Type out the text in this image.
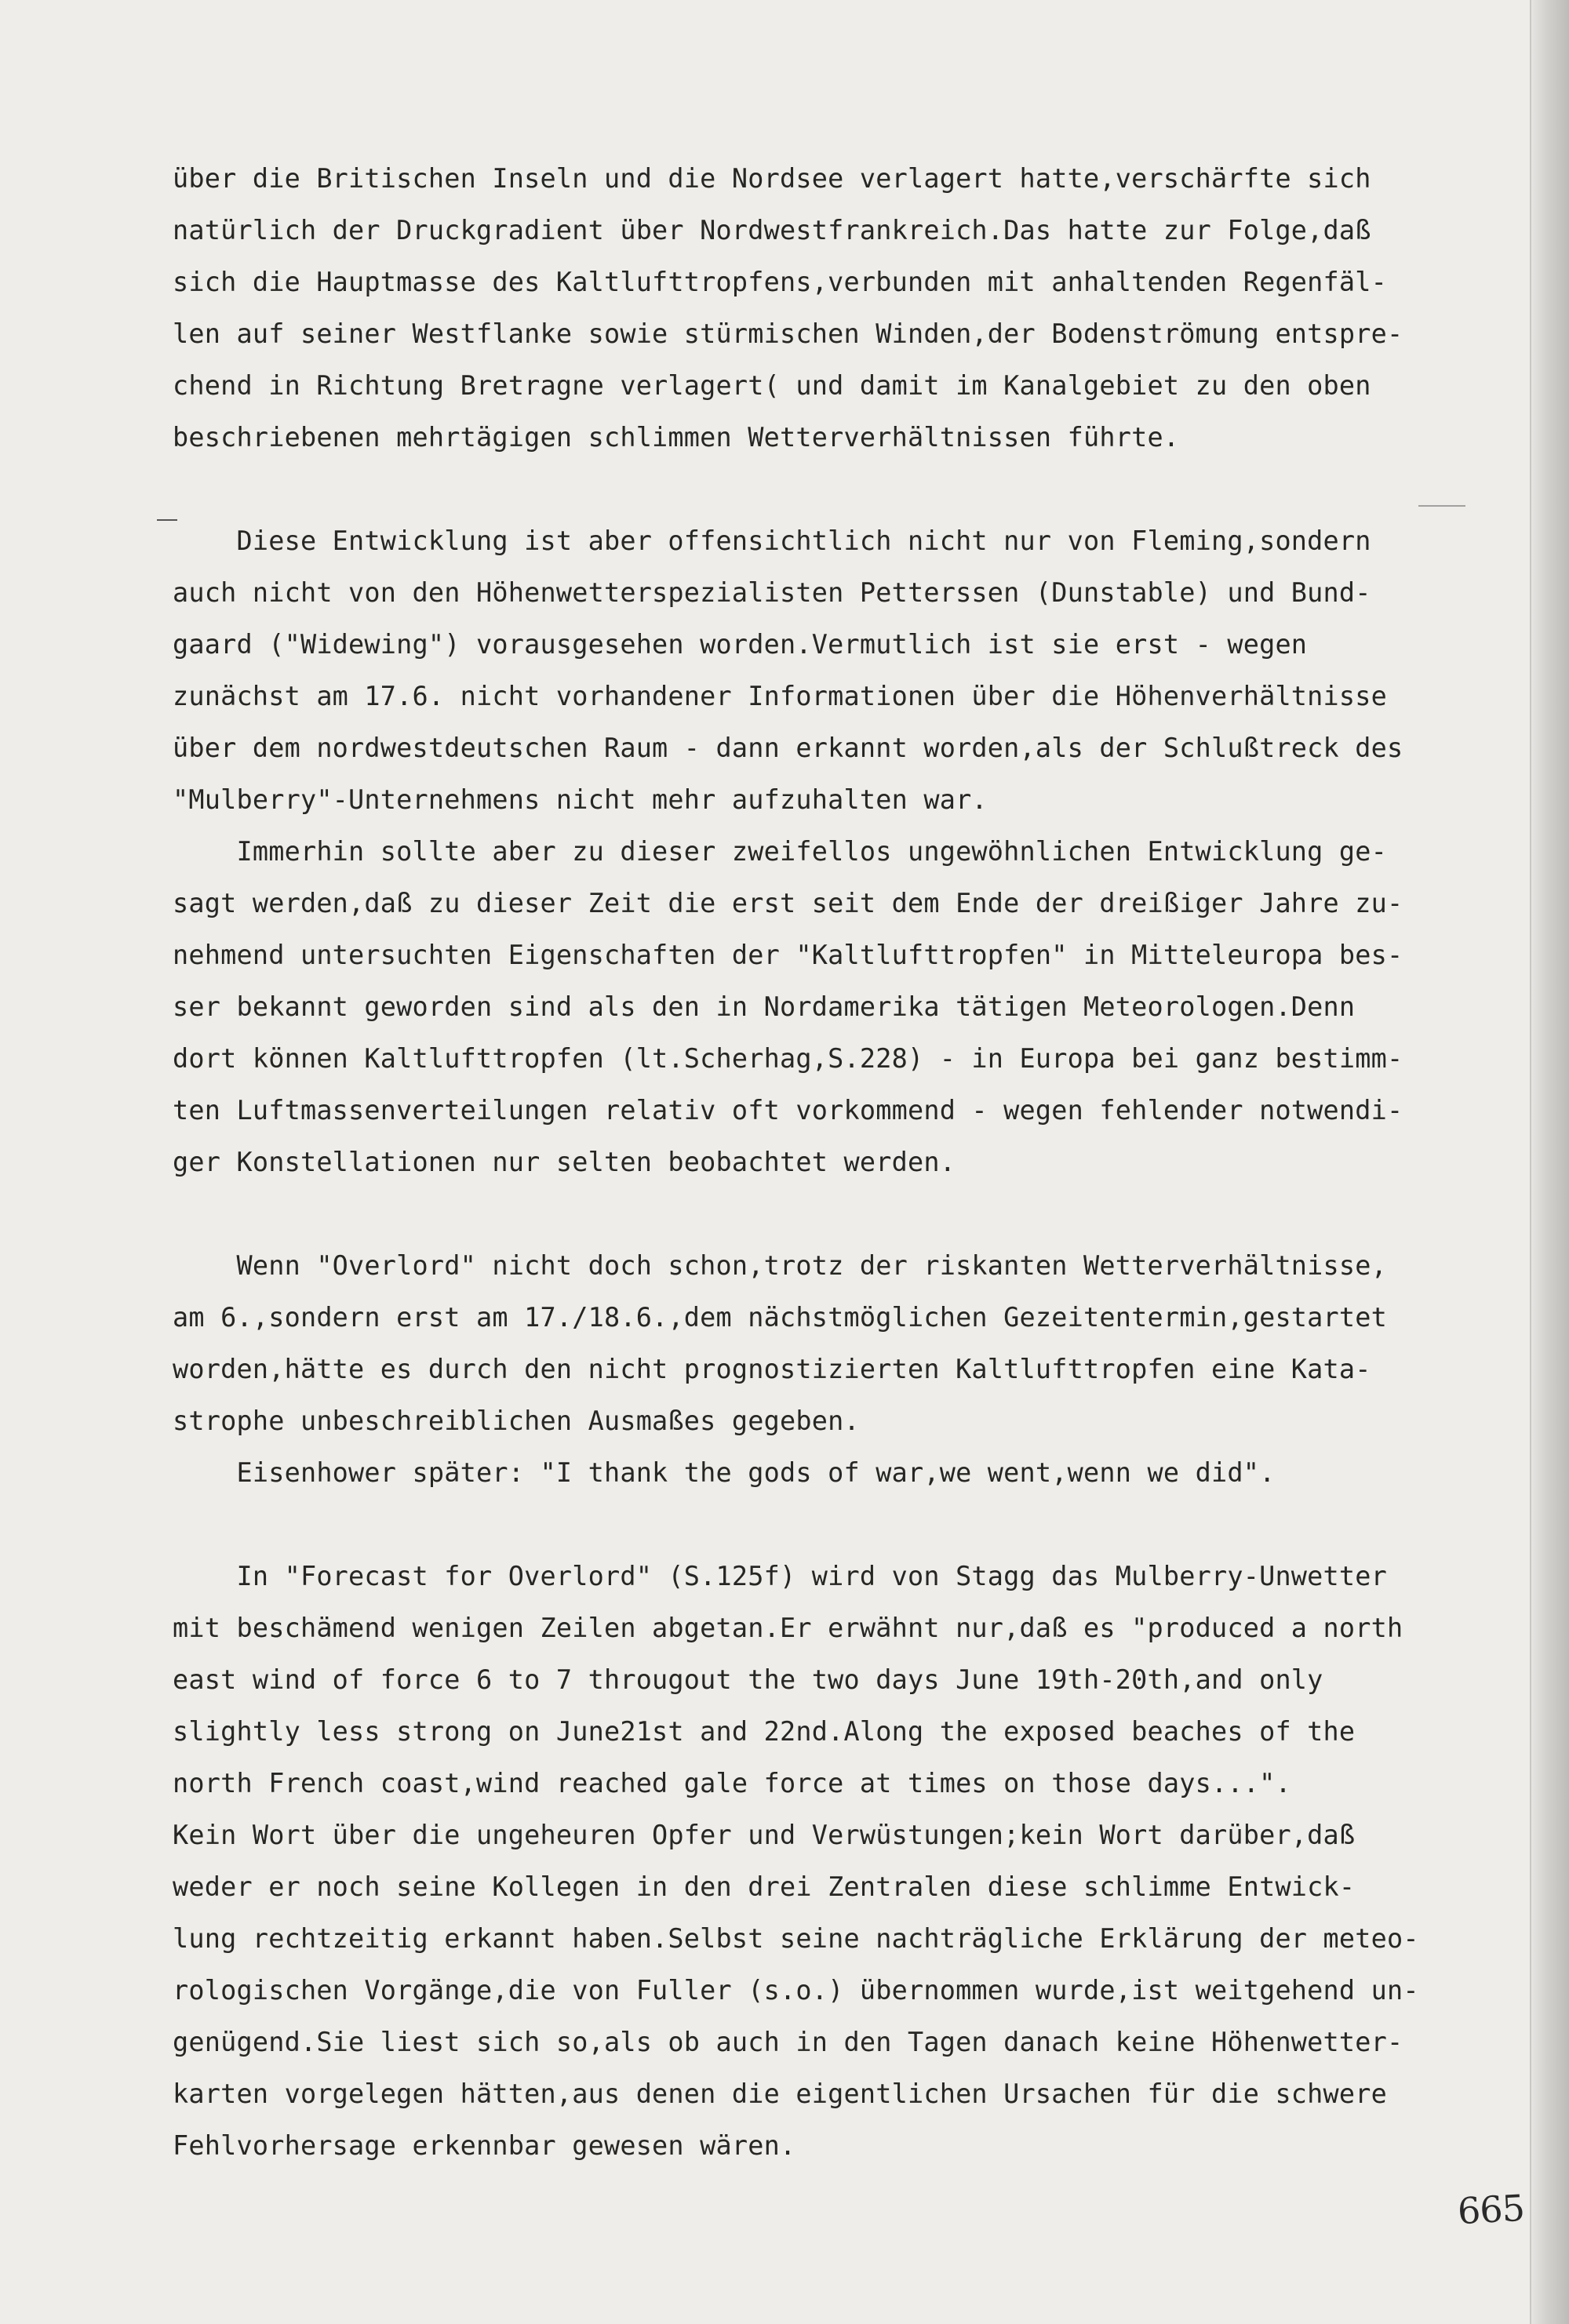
über die Britischen Inseln und die Nordsee verlagert hatte,verschärfte sich
natürlich der Druckgradient über Nordwestfrankreich.Das hatte zur Folge,daß
sich die Hauptmasse des Kaltlufttropfens,verbunden mit anhaltenden Regenfäl-
len auf seiner Westflanke sowie stürmischen Winden,der Bodenströmung entspre-
chend in Richtung Bretragne verlagert( und damit im Kanalgebiet zu den oben
beschriebenen mehrtägigen schlimmen Wetterverhältnissen führte.
Diese Entwicklung ist aber offensichtlich nicht nur von Fleming,sondern
auch nicht von den Höhenwetterspezialisten Petterssen (Dunstable) und Bund-
gaard ("Widewing") vorausgesehen worden.Vermutlich ist sie erst - wegen
zunächst am 17.6. nicht vorhandener Informationen über die Höhenverhältnisse
über dem nordwestdeutschen Raum - dann erkannt worden,als der Schlußtreck des
"Mulberry"-Unternehmens nicht mehr aufzuhalten war.
Immerhin sollte aber zu dieser zweifellos ungewöhnlichen Entwicklung ge-
sagt werden,daß zu dieser Zeit die erst seit dem Ende der dreißiger Jahre zu-
nehmend untersuchten Eigenschaften der "Kaltlufttropfen" in Mitteleuropa bes-
ser bekannt geworden sind als den in Nordamerika tätigen Meteorologen.Denn
dort können Kaltlufttropfen (lt.Scherhag,S.228) - in Europa bei ganz bestimm-
ten Luftmassenverteilungen relativ oft vorkommend - wegen fehlender notwendi-
ger Konstellationen nur selten beobachtet werden.
Wenn "Overlord" nicht doch schon,trotz der riskanten Wetterverhältnisse,
am 6.,sondern erst am 17./18.6.,dem nächstmöglichen Gezeitentermin,gestartet
worden,hätte es durch den nicht prognostizierten Kaltlufttropfen eine Kata-
strophe unbeschreiblichen Ausmaßes gegeben.
Eisenhower später: "I thank the gods of war,we went,wenn we did".
In "Forecast for Overlord" (S.125f) wird von Stagg das Mulberry-Unwetter
mit beschämend wenigen Zeilen abgetan.Er erwähnt nur,daß es "produced a north
east wind of force 6 to 7 througout the two days June 19th-20th,and only
slightly less strong on June21st and 22nd.Along the exposed beaches of the
north French coast,wind reached gale force at times on those days...".
Kein Wort über die ungeheuren Opfer und Verwüstungen;kein Wort darüber,daß
weder er noch seine Kollegen in den drei Zentralen diese schlimme Entwick-
lung rechtzeitig erkannt haben.Selbst seine nachträgliche Erklärung der meteo-
rologischen Vorgänge,die von Fuller (s.o.) übernommen wurde,ist weitgehend un-
genügend.Sie liest sich so,als ob auch in den Tagen danach keine Höhenwetter-
karten vorgelegen hätten,aus denen die eigentlichen Ursachen für die schwere
Fehlvorhersage erkennbar gewesen wären.
665
